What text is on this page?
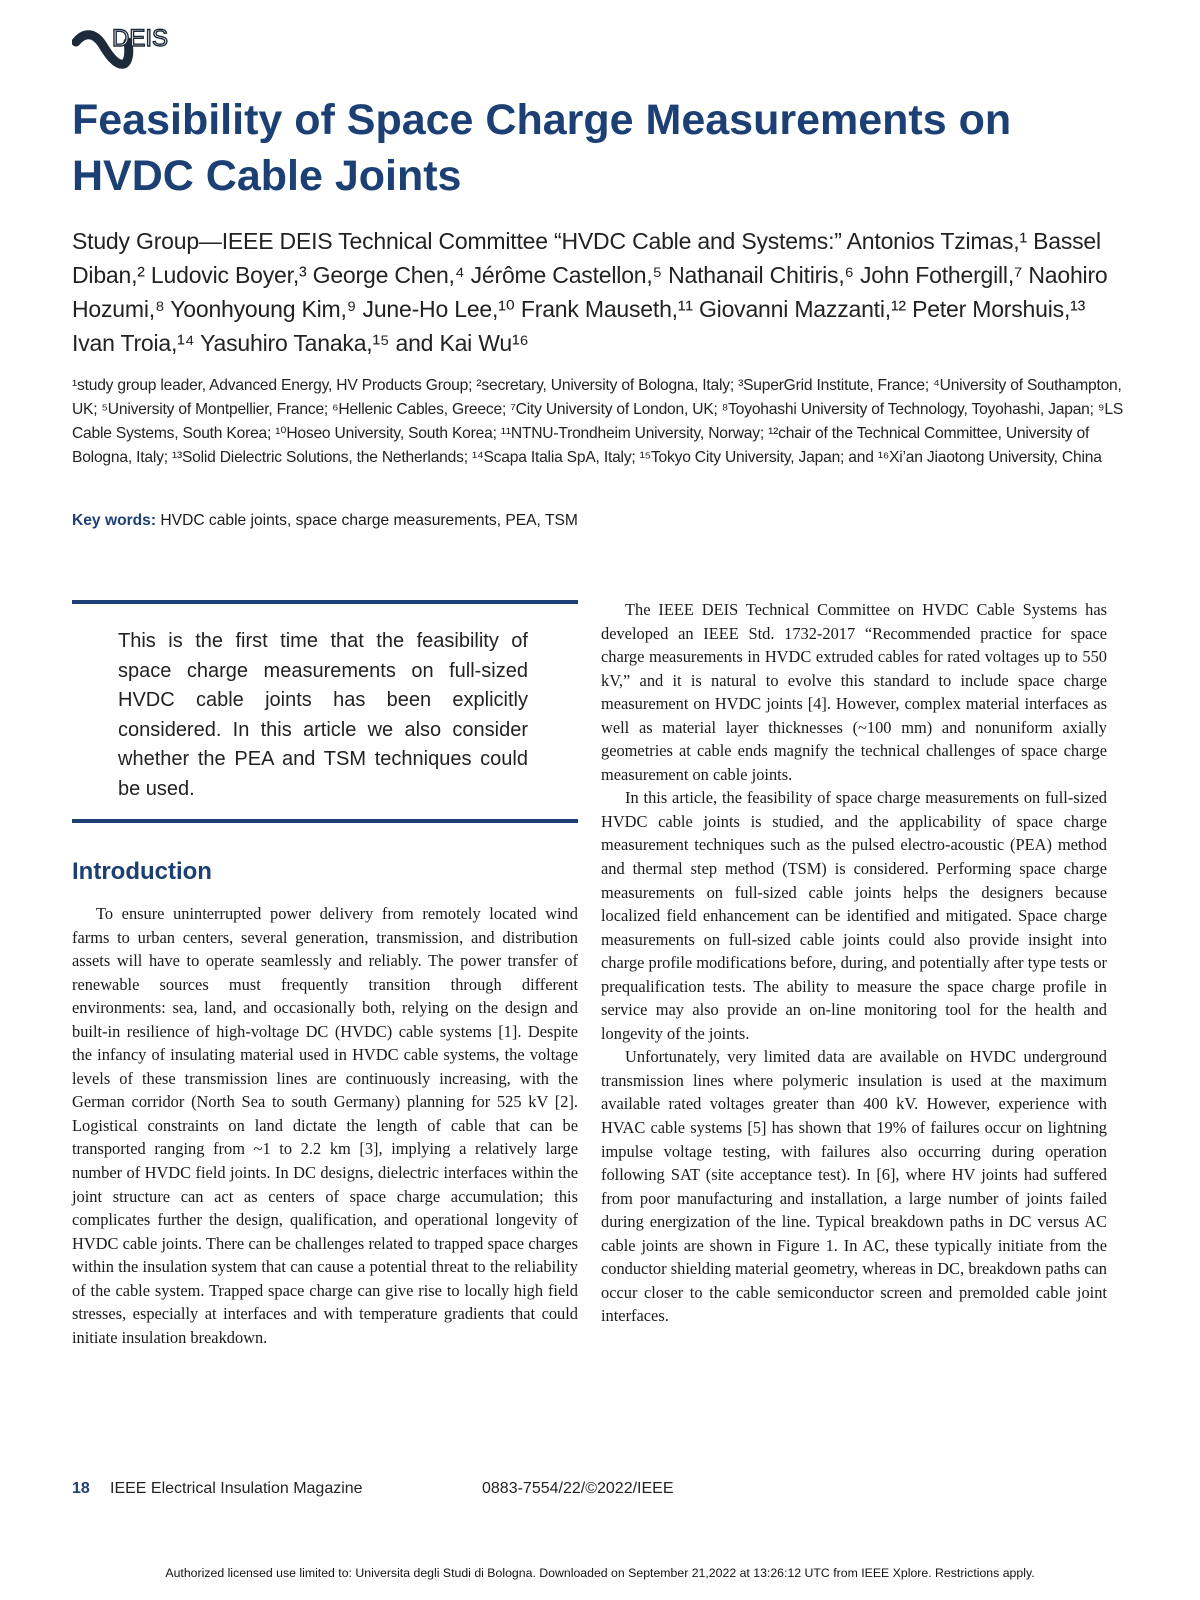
DEIS
Feasibility of Space Charge Measurements on HVDC Cable Joints

Study Group—IEEE DEIS Technical Committee “HVDC Cable and Systems:” Antonios Tzimas,¹ Bassel Diban,² Ludovic Boyer,³ George Chen,⁴ Jérôme Castellon,⁵ Nathanail Chitiris,⁶ John Fothergill,⁷ Naohiro Hozumi,⁸ Yoonhyoung Kim,⁹ June-Ho Lee,¹⁰ Frank Mauseth,¹¹ Giovanni Mazzanti,¹² Peter Morshuis,¹³ Ivan Troia,¹⁴ Yasuhiro Tanaka,¹⁵ and Kai Wu¹⁶

¹study group leader, Advanced Energy, HV Products Group; ²secretary, University of Bologna, Italy; ³SuperGrid Institute, France; ⁴University of Southampton, UK; ⁵University of Montpellier, France; ⁶Hellenic Cables, Greece; ⁷City University of London, UK; ⁸Toyohashi University of Technology, Toyohashi, Japan; ⁹LS Cable Systems, South Korea; ¹⁰Hoseo University, South Korea; ¹¹NTNU-Trondheim University, Norway; ¹²chair of the Technical Committee, University of Bologna, Italy; ¹³Solid Dielectric Solutions, the Netherlands; ¹⁴Scapa Italia SpA, Italy; ¹⁵Tokyo City University, Japan; and ¹⁶Xi’an Jiaotong University, China

Key words: HVDC cable joints, space charge measurements, PEA, TSM

This is the first time that the feasibility of space charge measurements on full-sized HVDC cable joints has been explicitly considered. In this article we also consider whether the PEA and TSM techniques could be used.

Introduction

To ensure uninterrupted power delivery from remotely located wind farms to urban centers, several generation, transmission, and distribution assets will have to operate seamlessly and reliably. The power transfer of renewable sources must frequently transition through different environments: sea, land, and occasionally both, relying on the design and built-in resilience of high-voltage DC (HVDC) cable systems [1]. Despite the infancy of insulating material used in HVDC cable systems, the voltage levels of these transmission lines are continuously increasing, with the German corridor (North Sea to south Germany) planning for 525 kV [2]. Logistical constraints on land dictate the length of cable that can be transported ranging from ~1 to 2.2 km [3], implying a relatively large number of HVDC field joints. In DC designs, dielectric interfaces within the joint structure can act as centers of space charge accumulation; this complicates further the design, qualification, and operational longevity of HVDC cable joints. There can be challenges related to trapped space charges within the insulation system that can cause a potential threat to the reliability of the cable system. Trapped space charge can give rise to locally high field stresses, especially at interfaces and with temperature gradients that could initiate insulation breakdown.

The IEEE DEIS Technical Committee on HVDC Cable Systems has developed an IEEE Std. 1732-2017 “Recommended practice for space charge measurements in HVDC extruded cables for rated voltages up to 550 kV,” and it is natural to evolve this standard to include space charge measurement on HVDC joints [4]. However, complex material interfaces as well as material layer thicknesses (~100 mm) and nonuniform axially geometries at cable ends magnify the technical challenges of space charge measurement on cable joints.

In this article, the feasibility of space charge measurements on full-sized HVDC cable joints is studied, and the applicability of space charge measurement techniques such as the pulsed electro-acoustic (PEA) method and thermal step method (TSM) is considered. Performing space charge measurements on full-sized cable joints helps the designers because localized field enhancement can be identified and mitigated. Space charge measurements on full-sized cable joints could also provide insight into charge profile modifications before, during, and potentially after type tests or prequalification tests. The ability to measure the space charge profile in service may also provide an on-line monitoring tool for the health and longevity of the joints.

Unfortunately, very limited data are available on HVDC underground transmission lines where polymeric insulation is used at the maximum available rated voltages greater than 400 kV. However, experience with HVAC cable systems [5] has shown that 19% of failures occur on lightning impulse voltage testing, with failures also occurring during operation following SAT (site acceptance test). In [6], where HV joints had suffered from poor manufacturing and installation, a large number of joints failed during energization of the line. Typical breakdown paths in DC versus AC cable joints are shown in Figure 1. In AC, these typically initiate from the conductor shielding material geometry, whereas in DC, breakdown paths can occur closer to the cable semiconductor screen and premolded cable joint interfaces.

18 IEEE Electrical Insulation Magazine	0883-7554/22/©2022/IEEE
Authorized licensed use limited to: Universita degli Studi di Bologna. Downloaded on September 21,2022 at 13:26:12 UTC from IEEE Xplore. Restrictions apply.
